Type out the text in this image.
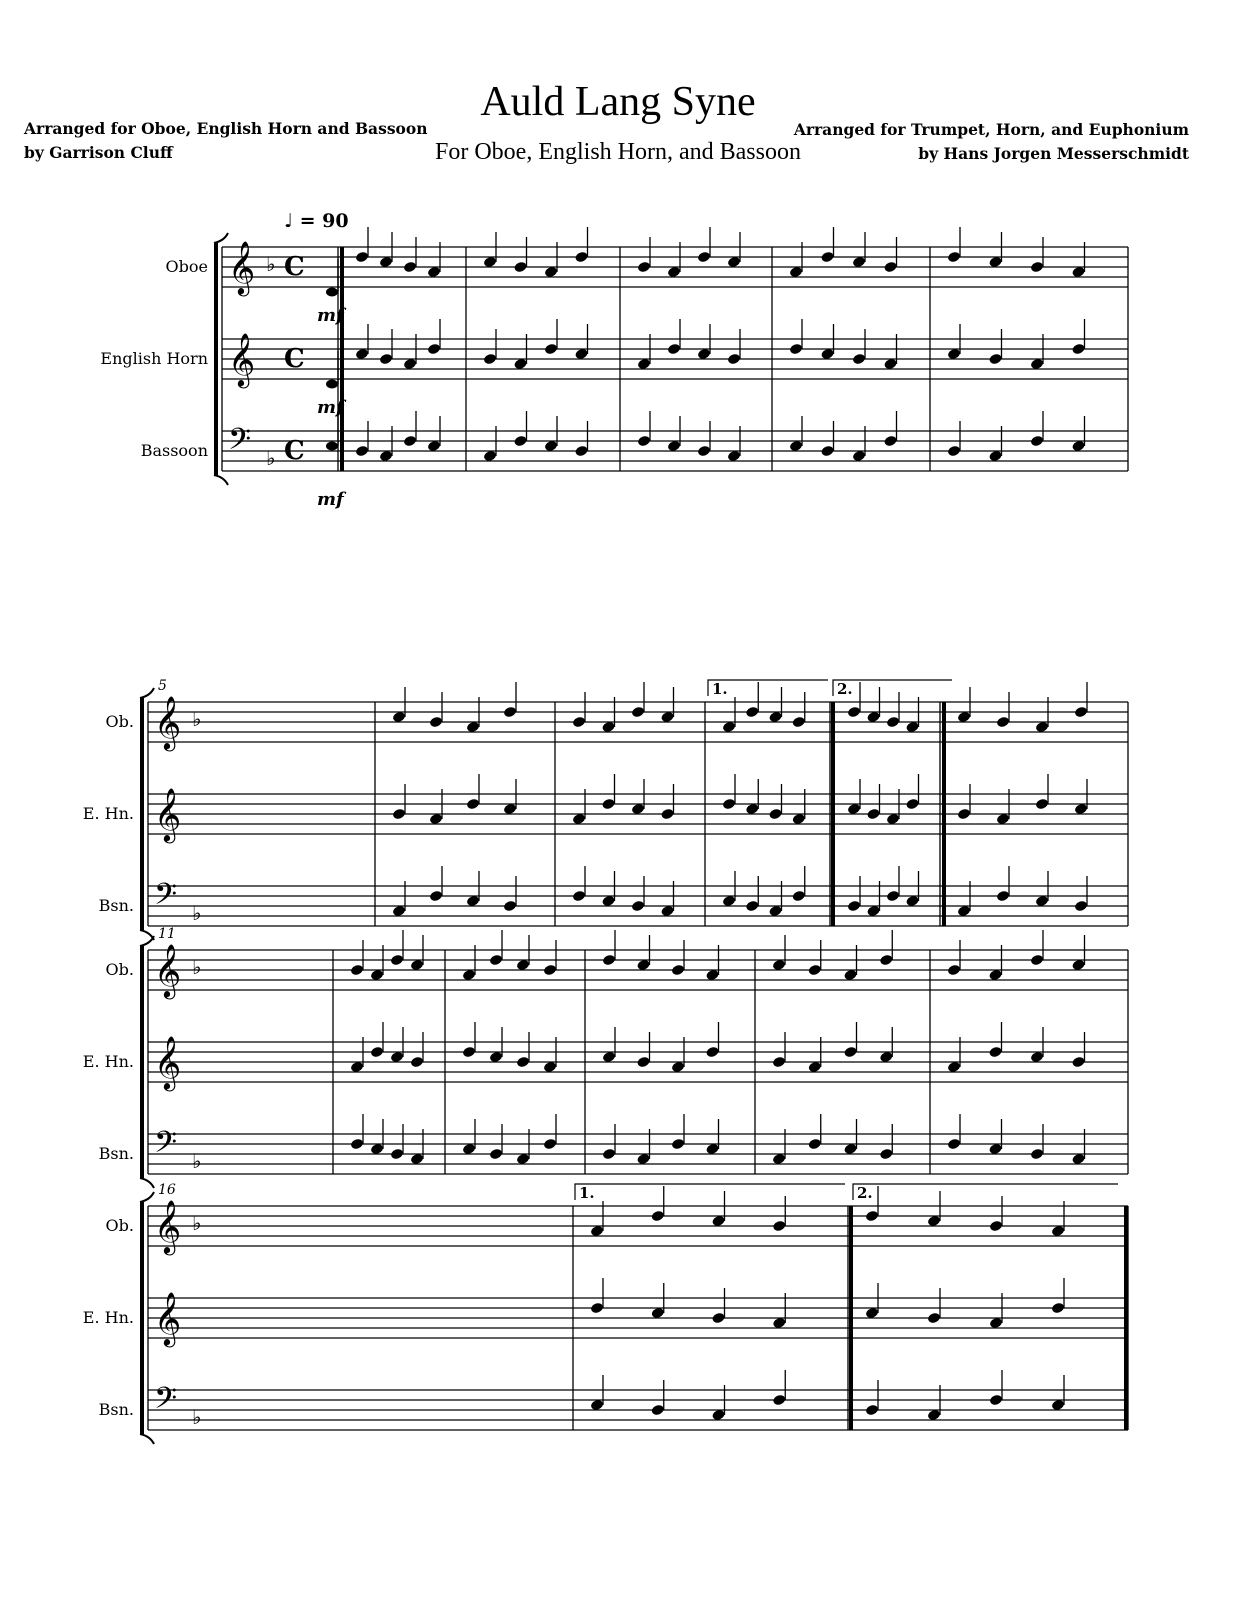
Auld Lang Syne
For Oboe, English Horn, and Bassoon
Arranged for Oboe, English Horn and Bassoon
by Garrison Cluff
Arranged for Trumpet, Horn, and Euphonium
by Hans Jorgen Messerschmidt
♩ = 90
Oboe 𝄞 ♭ C
mf
English Horn 𝄞 C
mf
Bassoon 𝄢 ♭ C
mf
Ob. 𝄞 ♭
E. Hn. 𝄞
Bsn. 𝄢 ♭
5	1.	2.
Ob. 𝄞 ♭
E. Hn. 𝄞
Bsn. 𝄢 ♭
11
Ob. 𝄞 ♭
E. Hn. 𝄞
Bsn. 𝄢 ♭
16	1.	2.
